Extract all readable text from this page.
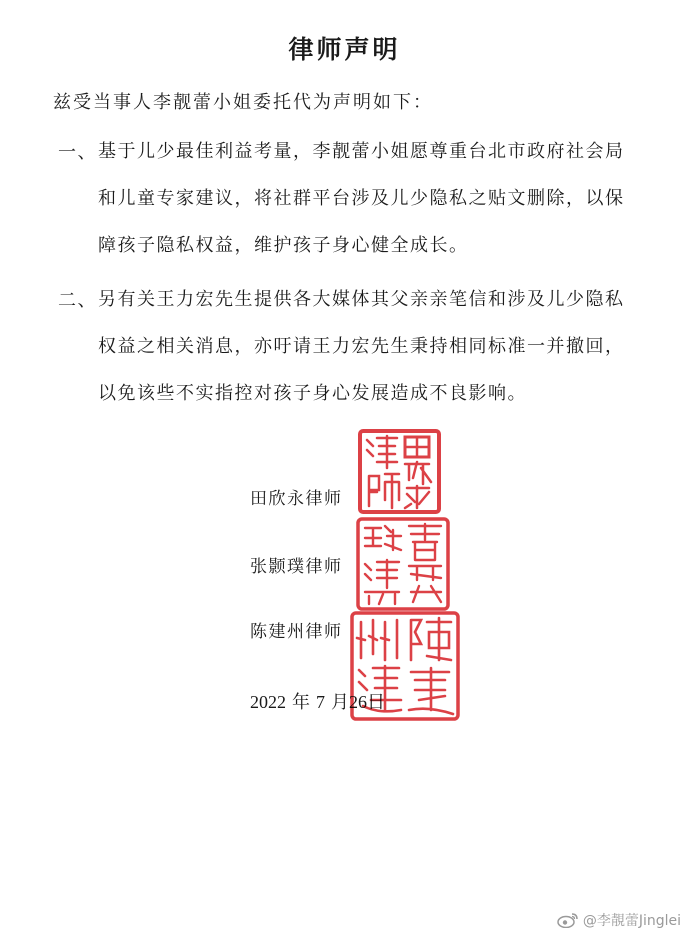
律师声明
兹受当事人李靓蕾小姐委托代为声明如下：
一、 基于儿少最佳利益考量，李靓蕾小姐愿尊重台北市政府社会局
和儿童专家建议，将社群平台涉及儿少隐私之贴文删除，以保
障孩子隐私权益，维护孩子身心健全成长。
二、 另有关王力宏先生提供各大媒体其父亲亲笔信和涉及儿少隐私
权益之相关消息，亦吁请王力宏先生秉持相同标准一并撤回，
以免该些不实指控对孩子身心发展造成不良影响。
田欣永律师
张颢璞律师
陈建州律师
2022 年 7 月26日
@李靚蕾Jinglei
